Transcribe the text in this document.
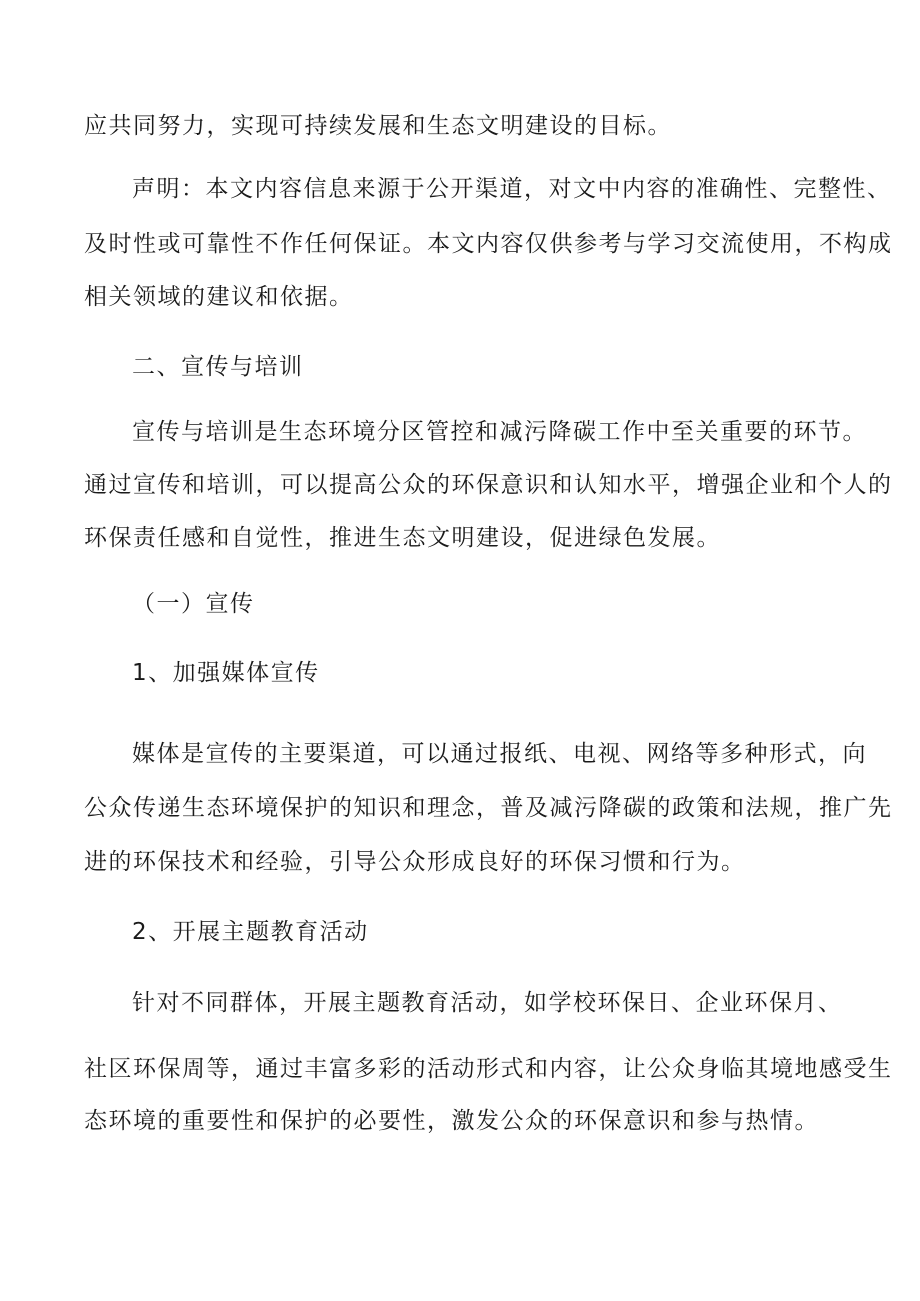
应共同努力，实现可持续发展和生态文明建设的目标。
声明：本文内容信息来源于公开渠道，对文中内容的准确性、完整性、
及时性或可靠性不作任何保证。本文内容仅供参考与学习交流使用，不构成
相关领域的建议和依据。
二、宣传与培训
宣传与培训是生态环境分区管控和减污降碳工作中至关重要的环节。
通过宣传和培训，可以提高公众的环保意识和认知水平，增强企业和个人的
环保责任感和自觉性，推进生态文明建设，促进绿色发展。
（一）宣传
1、加强媒体宣传
媒体是宣传的主要渠道，可以通过报纸、电视、网络等多种形式，向
公众传递生态环境保护的知识和理念，普及减污降碳的政策和法规，推广先
进的环保技术和经验，引导公众形成良好的环保习惯和行为。
2、开展主题教育活动
针对不同群体，开展主题教育活动，如学校环保日、企业环保月、
社区环保周等，通过丰富多彩的活动形式和内容，让公众身临其境地感受生
态环境的重要性和保护的必要性，激发公众的环保意识和参与热情。
